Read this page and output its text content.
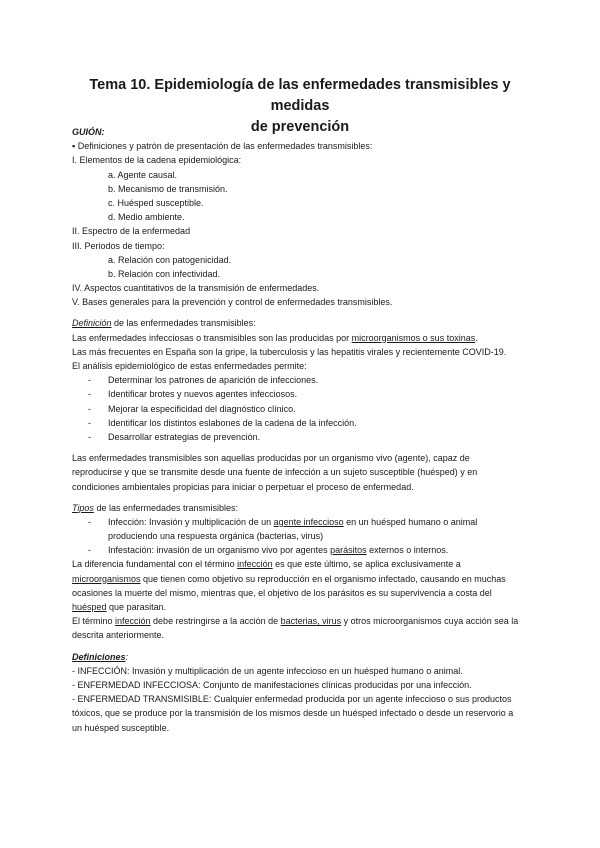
Tema 10. Epidemiología de las enfermedades transmisibles y medidas
de prevención
GUIÓN:
▪ Definiciones y patrón de presentación de las enfermedades transmisibles:
I. Elementos de la cadena epidemiológica:
a. Agente causal.
b. Mecanismo de transmisión.
c. Huésped susceptible.
d. Medio ambiente.
II. Espectro de la enfermedad
III. Periodos de tiempo:
a. Relación con patogenicidad.
b. Relación con infectividad.
IV. Aspectos cuantitativos de la transmisión de enfermedades.
V. Bases generales para la prevención y control de enfermedades transmisibles.
Definición de las enfermedades transmisibles:
Las enfermedades infecciosas o transmisibles son las producidas por microorganismos o sus toxinas.
Las más frecuentes en España son la gripe, la tuberculosis y las hepatitis virales y recientemente COVID-19.
El análisis epidemiológico de estas enfermedades permite:
- Determinar los patrones de aparición de infecciones.
- Identificar brotes y nuevos agentes infecciosos.
- Mejorar la especificidad del diagnóstico clínico.
- Identificar los distintos eslabones de la cadena de la infección.
- Desarrollar estrategias de prevención.
Las enfermedades transmisibles son aquellas producidas por un organismo vivo (agente), capaz de
reproducirse y que se transmite desde una fuente de infección a un sujeto susceptible (huésped) y en
condiciones ambientales propicias para iniciar o perpetuar el proceso de enfermedad.
Tipos de las enfermedades transmisibles:
- Infección: Invasión y multiplicación de un agente infeccioso en un huésped humano o animal
produciendo una respuesta orgánica (bacterias, virus)
- Infestación: invasión de un organismo vivo por agentes parásitos externos o internos.
La diferencia fundamental con el término infección es que este último, se aplica exclusivamente a
microorganismos que tienen como objetivo su reproducción en el organismo infectado, causando en muchas
ocasiones la muerte del mismo, mientras que, el objetivo de los parásitos es su supervivencia a costa del
huésped que parasitan.
El término infección debe restringirse a la acción de bacterias, virus y otros microorganismos cuya acción sea la
descrita anteriormente.
Definiciones:
- INFECCIÓN: Invasión y multiplicación de un agente infeccioso en un huésped humano o animal.
- ENFERMEDAD INFECCIOSA: Conjunto de manifestaciones clínicas producidas por una infección.
- ENFERMEDAD TRANSMISIBLE: Cualquier enfermedad producida por un agente infeccioso o sus productos
tóxicos, que se produce por la transmisión de los mismos desde un huésped infectado o desde un reservorio a
un huésped susceptible.
